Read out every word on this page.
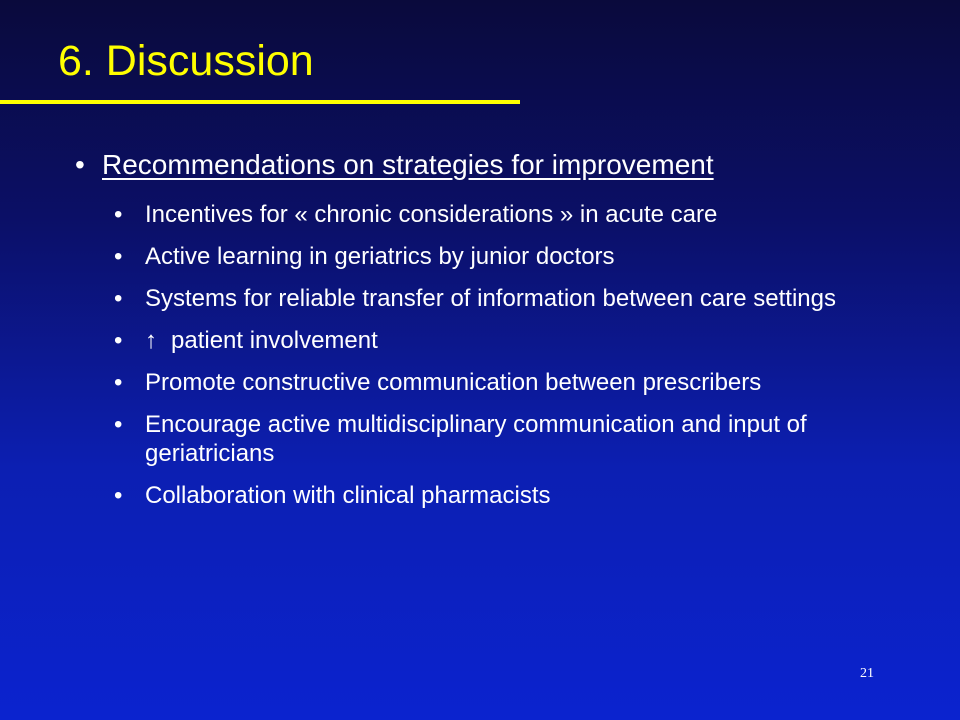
6. Discussion
• Recommendations on strategies for improvement
• Incentives for « chronic considerations » in acute care
• Active learning in geriatrics by junior doctors
• Systems for reliable transfer of information between care settings
• ↑ patient involvement
• Promote constructive communication between prescribers
• Encourage active multidisciplinary communication and input of geriatricians
• Collaboration with clinical pharmacists
21
